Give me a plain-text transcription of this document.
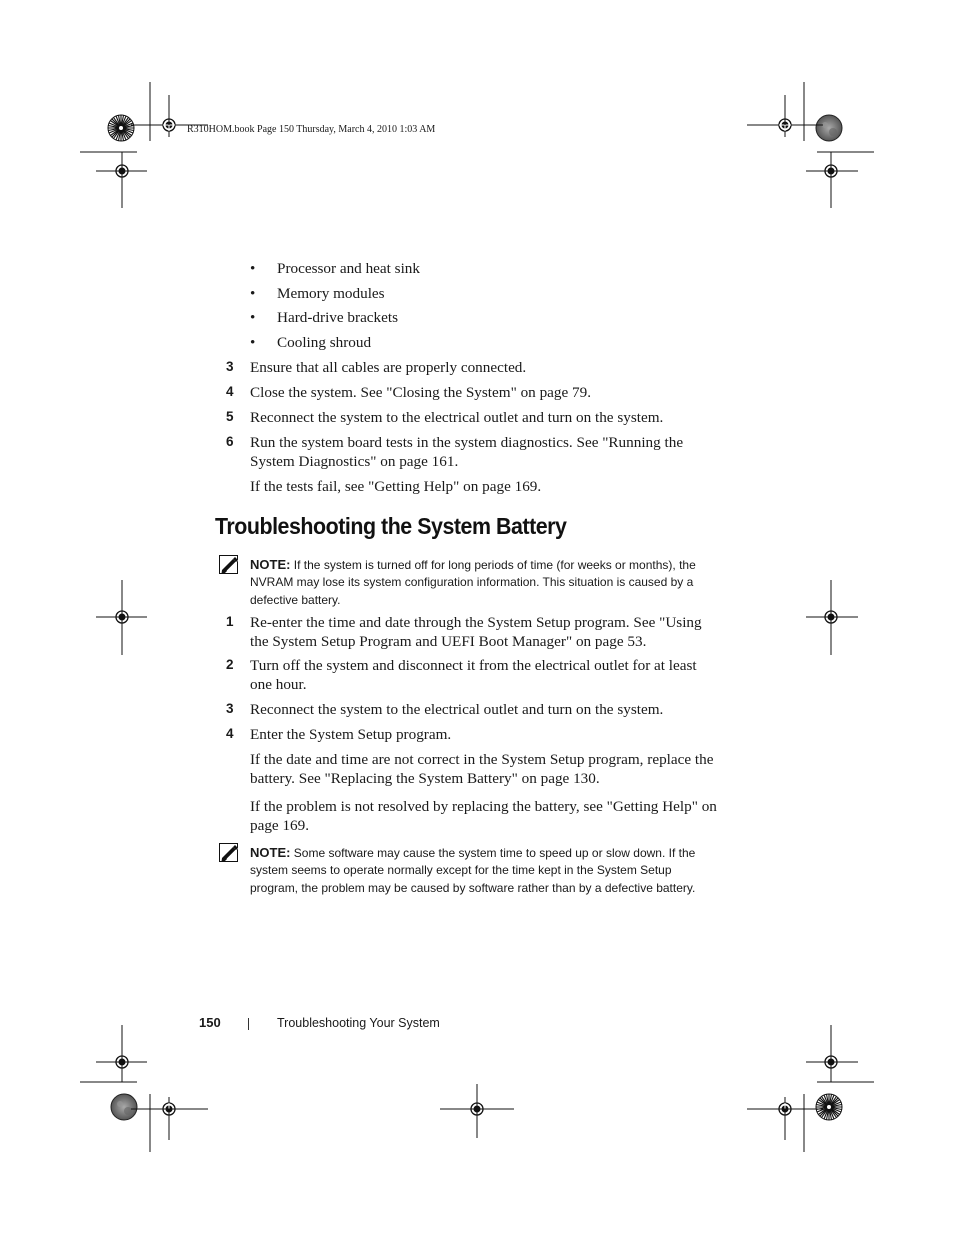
R310HOM.book Page 150 Thursday, March 4, 2010 1:03 AM
• Processor and heat sink
• Memory modules
• Hard-drive brackets
• Cooling shroud
3 Ensure that all cables are properly connected.
4 Close the system. See "Closing the System" on page 79.
5 Reconnect the system to the electrical outlet and turn on the system.
6 Run the system board tests in the system diagnostics. See "Running the System Diagnostics" on page 161.
If the tests fail, see "Getting Help" on page 169.
Troubleshooting the System Battery
NOTE: If the system is turned off for long periods of time (for weeks or months), the NVRAM may lose its system configuration information. This situation is caused by a defective battery.
1 Re-enter the time and date through the System Setup program. See "Using the System Setup Program and UEFI Boot Manager" on page 53.
2 Turn off the system and disconnect it from the electrical outlet for at least one hour.
3 Reconnect the system to the electrical outlet and turn on the system.
4 Enter the System Setup program.
If the date and time are not correct in the System Setup program, replace the battery. See "Replacing the System Battery" on page 130.
If the problem is not resolved by replacing the battery, see "Getting Help" on page 169.
NOTE: Some software may cause the system time to speed up or slow down. If the system seems to operate normally except for the time kept in the System Setup program, the problem may be caused by software rather than by a defective battery.
150	Troubleshooting Your System
